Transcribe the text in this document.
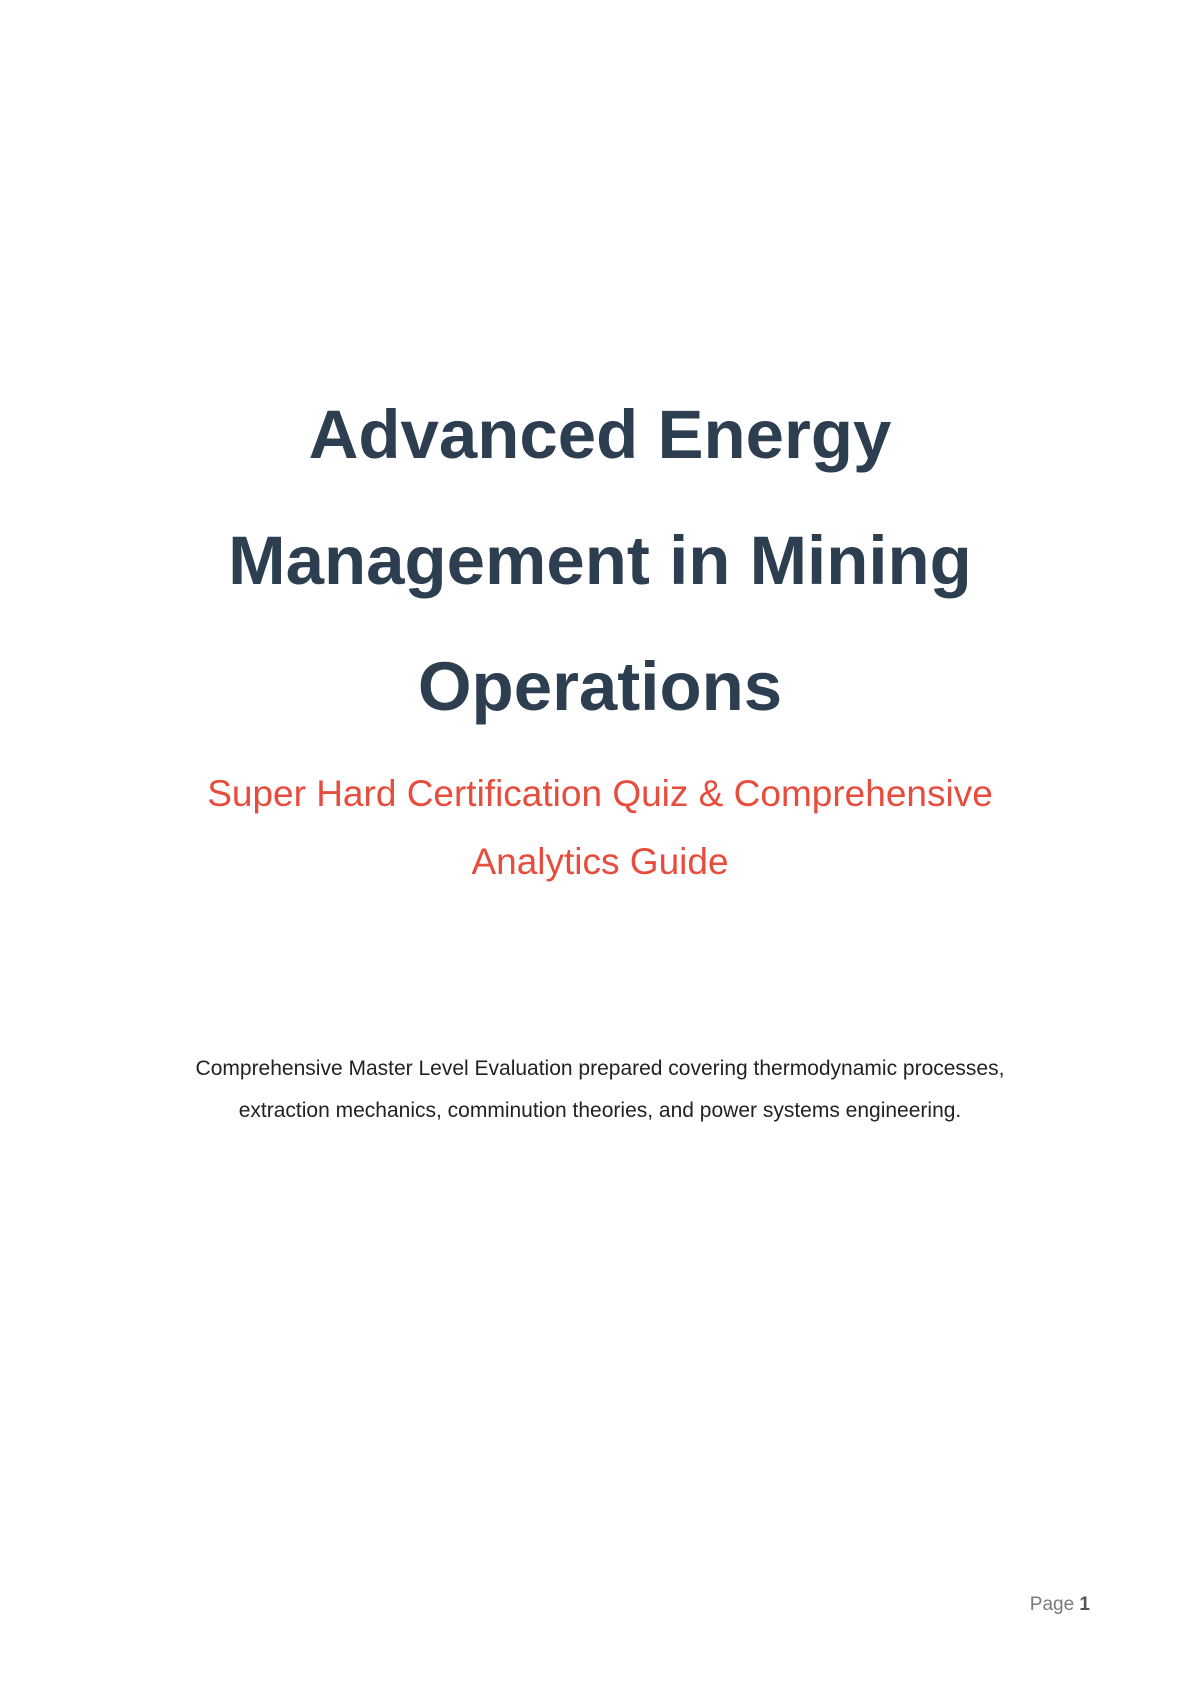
Advanced Energy
Management in Mining
Operations
Super Hard Certification Quiz & Comprehensive
Analytics Guide

Comprehensive Master Level Evaluation prepared covering thermodynamic processes,
extraction mechanics, comminution theories, and power systems engineering.

Page 1
